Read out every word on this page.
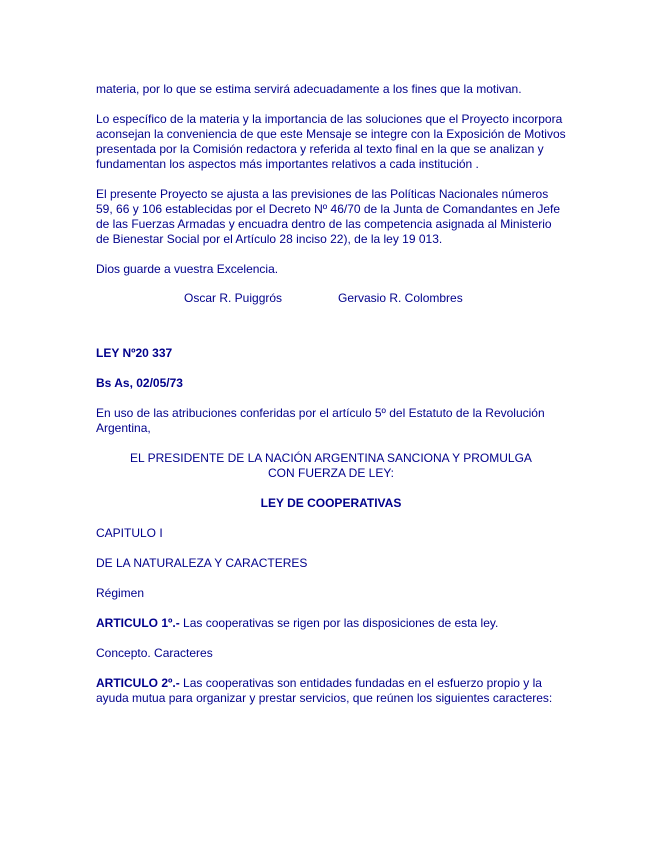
materia, por lo que se estima servirá adecuadamente a los fines que la motivan.

Lo específico de la materia y la importancia de las soluciones que el Proyecto incorpora aconsejan la conveniencia de que este Mensaje se integre con la Exposición de Motivos presentada por la Comisión redactora y referida al texto final en la que se analizan y fundamentan los aspectos más importantes relativos a cada institución .

El presente Proyecto se ajusta a las previsiones de las Políticas Nacionales números 59, 66 y 106 establecidas por el Decreto Nº 46/70 de la Junta de Comandantes en Jefe de las Fuerzas Armadas y encuadra dentro de las competencia asignada al Ministerio de Bienestar Social por el Artículo 28 inciso 22), de la ley 19 013.

Dios guarde a vuestra Excelencia.

Oscar R. Puiggrós	Gervasio R. Colombres

LEY Nº20 337

Bs As, 02/05/73

En uso de las atribuciones conferidas por el artículo 5º del Estatuto de la Revolución Argentina,

EL PRESIDENTE DE LA NACIÓN ARGENTINA SANCIONA Y PROMULGA
CON FUERZA DE LEY:

LEY DE COOPERATIVAS

CAPITULO I

DE LA NATURALEZA Y CARACTERES

Régimen

ARTICULO 1º.- Las cooperativas se rigen por las disposiciones de esta ley.

Concepto. Caracteres

ARTICULO 2º.- Las cooperativas son entidades fundadas en el esfuerzo propio y la ayuda mutua para organizar y prestar servicios, que reúnen los siguientes caracteres:
